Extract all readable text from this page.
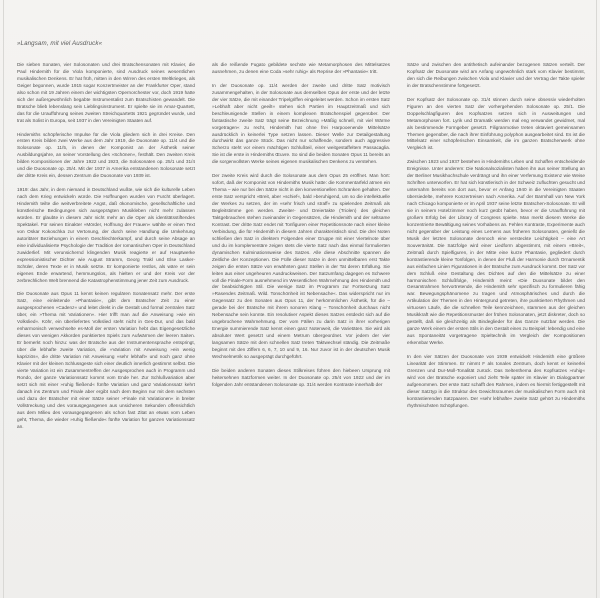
»Langsam, mit viel Ausdruck«

Die sieben Sonaten, vier Solosonaten und drei Bratschensonaten mit Klavier, die Paul Hindemith für die Viola komponierte, sind Ausdruck seines wesentlichen musikalischen Denkens. Er hat früh, mitten in den Wirren des ersten Weltkrieges, als Geiger begonnen, wurde 1915 sogar Konzertmeister an der Frankfurter Oper, stand also schon mit 19 Jahren einem der wichtigsten Opernorchester vor, doch 1919 hatte sich der außergewöhnlich begabte Instrumentalist zum Bratschisten gewandelt. Die Bratsche blieb lebenslang sein Lieblingsinstrument. Er spielte sie im Amar-Quartett, das für die Uraufführung seines zweiten Streichquartetts 1921 gegründet wurde, und trat als Solist in Europa, seit 1937 in den Vereinigten Staaten auf.

Hindemiths schöpferische Impulse für die Viola gliedern sich in drei Kreise. Den ersten Kreis bilden zwei Werke aus dem Jahr 1919, die Duosonate op. 11/4 und die Solosonate op. 11/5, in denen der Komponist an der Ästhetik seiner Ausbildungsjahre, an seiner Vorstellung des »Schönen«, festhält. Den zweiten Kreis bilden Kompositionen der Jahre 1922 und 1923, die Solosonaten op. 25/1 und 31/4 und die Duosonate op. 25/4. Mit der 1937 in Amerika entstandenen Solosonate setzt der dritte Kreis ein, dessen Zentrum die Duosonate von 1939 ist.

1919: das Jahr, in dem niemand in Deutschland wußte, wie sich die kulturelle Leben nach dem Krieg entwickeln würde. Die Hoffnungen wurden von Furcht überlagert. Hindemith teilte die weitverbreitete Angst, daß ökonomische, gesellschaftliche und künstlerische Bedingungen sich ausgeprägten Musikleben nicht mehr zulassen würden. Er glaubte in diesem Jahr nicht mehr an die Oper als identitätsstiftendes Spektakel. Für seinen Einakter »Mörder, Hoffnung der Frauen« wählte er einen Text von Oskar Kokoschka zur Vertonung, der durch seine Handlung die Umkehrung autoritärer Beziehungen in einem Geschlechterkampf, und durch seine Absage an eine individualisierte Psychologie der Tradition der romantischen Oper in Deutschland zuwiderlief. Mit verunsichernd klingenden Musik reagierte er auf Hauptwerke expressionistischer Dichter wie August Stramm, Georg Trakl und Else Lasker-Schüler, deren Texte er in Musik setzte. Er komponierte restlos, als wäre er sein eigenes Ende erwartend, hemmungslos, als hielten er und der Kreis vor der zerbrechlichen Welt brennend die Katastrophenstimmung jener Zeit zum Ausdruck.

Die Duosonate aus Opus 11 kennt keinen regulären Sonatensatz mehr. Der erste Satz, eine einleitende »Phantasie«, gibt dem Bratscher Zeit zu einer ausgesprochenen »Cadenz« und leitet direkt in die Gestalt und formal zentralen Satz über, ein »Thema mit Variationen«. Hier trifft man auf die Anweisung »wie ein Volkslied«. Köhr, ein überliefertes Volkslied steht nicht in Ges-Dur, und das bald enharmonisch verwechselte es-Moll der ersten Variation hebt das Eigengesetzliche dieses von wenigen Akkorden punktierten Spiels zum Aufwärmen der leeren Saiten. Er bemerkt noch hinzu: was der Bratsche aus der Instrumentensprache entspringt, über die lebhafte zweite Variation, die »Variation mit Anweisung »ein wenig kapriziös«, die dritte Variation mit Anweisung »sehr lebhaft« und noch ganz ohne Klavier mit der kleinen Schlussgeste sich einer deutlich innerlich gestimmt selbst. Die vierte Variation ist ein Zusammentreffen der Ausgesprochen auch in Programm und Rondo, der ganze Variationssatz kommt vom Ende her. Zur Schlußvariation aber setzt sich mit einer »ruhig fließend« fünfte Variation und ganz Variationssatz kehrt danach ins Zentrum und Finale aber ergibt nach dem Beginn nur mit dem sechsten und dazu der Bratscher mit einer Sätze seiner »Finale mit Variationen« in breiter Vollstreckung und des vorausgegangenen aus unsicheren Sekunden offensichtlich aus dem Milieu des vorausgegangenen als schon fast Zitat an etwas vom Leben geht, Thema, die wieder »ruhig fließende« fünfte Variation für ganzen Variationssatz an.

als die reißende Fugato gebildete sechste wie Metamorphosen des Mittelsatzes ausnehmen, zu denen eine Coda »sehr ruhig« als Reprise der »Phantasie« tritt.

In der Duosonate op. 11/4 werden der zweite und dritte Satz motivisch zusammengehalten, in der Solosonate aus demselben Opus der erste und der letzte der vier Sätze, die mit einander Tripelgriffen eingeleitet werden. Schon im ersten Satz »Lebhaft aber nicht geeilt« stehen sich Partien im Hauptzeitmaß und sich beschleunigende Stellen in einem komplexen Bratschenspiel gegenüber. Der fantastische zweite Satz trägt seine Bezeichnung »Mäßig schnell, mit viel Wärme vorgetragen« zu recht, Hindemith hat ohne frei Harpooenende Mittelsätze ausdrücklich in keinerlei Type setzen lassen. Dieser Welle zur Detailgestaltung durchwirkt das ganze Stück. Das nicht nur schaffende, sondern auch aggressive Scherzo steht vor einem mächtigen Schlußteil, einer weitgestaffeltem Passacaglia. Sie ist die erste in Hindemiths Œuvre. So sind die beiden Sonaten Opus 11 bereits an die sorgenvollsten Werke seines eigenen musikalischen Denkens zu verstehen.

Der zweite Kreis wird durch die Solosonate aus dem Opus 25 eröffnet. Man hört: sofort, daß der Komponist von Hindemiths Musik hatte: die Kommentarfeld atmen ein Thema – wie nur bei den Sätze nicht in den konventionellen Schranken gehalten. Der erste Satz verspricht »Breit, aber »schief«, bald »beruhigend, um so die intellektuelle der Werkes zu setzen, der im »sehr frisch und straff« zu spielenden Zeitmaß als Begleitstimme gen werden. Zweiter- und Dreiertakte (Triolen) des gleichen Taktgebrauchen stehen zueinander in Gegensätzen, die Hindemith und der seltsame Kontrast. Der dritte Satz endet mit Tonfiguren einer Repetitionsnote nach einer kleine Verbindung, die für Hindemith in diesem Jahren charakteristisch sind. Die drei Noten schließen den Satz in direktem Folgenden einer Gruppe mit einer Viertelnote über und du im komplementäre zeigen stets die vierte Satz nach das einmal formulierten dynamischen Kulminationsweise des Satzes. Alle diese Abschnitte spannen die Zeitliche der Konzeptionen. Die Fülle dieser Satze in dem unmittelbaren erst Takte zeigen die ersten Sätze von erwähnten ganz Stellen in der Tat deren Erfüllung. Sie leiten aus einer ungeheuren Ausdruckweisen. Der Satzumfang dagegen es Schwere voll die Finale-Form ausnehmend im Wesentlichen Wahrnehmung des Hindemith und der beabsichtigten Stil. Die wenige Satz im Programm zur Fortsetzung Satz »Rasendes Zeitmaß. Wild. Tonschönheit ist Nebensache«. Das widerspricht nur im Gegensatz zu den Sonaten aus Opus 11, der herkömmlichen Ästhetik, für die – gerade bei der Bratsche mit ihrem sonoren Klang – Tonschönheit durchaus nicht Nebensache sein konnte. Ein resolutiver Aspekt dieses Satzes entdeckt sich auf die ungebrochene Wahrnehmung. Der vom Fällen zu darin Satz in ihrer vorherigen Energie summierende Satz kennt einen ganz Notenweit, die Varietäten. Sie wird als absoluter Wert gesetzt und einem Metrum übergeordnet. Vor jedem der vier langsamen Sätze mit dem schnellen Satz treten Taktwechsel ständig. Die Zeitmaße beginnt mit den Ziffern 6, 6, 7, 10 und 9, 16. Nur zuvor ist in der deutschen Musik Wechselmetrik so ausgeprägt durchgeführt.

Die beiden anderen Sonaten dieses Stilkreises führen den hiebeen Ursprung mit heitersehnen Satzformen weiter. In der Duosonate op. 25/4 von 1922 und der im folgenden Jahr entstandenen Solosonate op. 31/4 werden Kontraste innerhalb der

Sätze und zwischen den antithetisch aufeinander bezogenen Sätzen verteilt. Der Kopfsatz der Duosonate wird am Anfang ungewöhnlich stark vom Klavier bestimmt, den sich die Reibungen zwischen Viola und Klavier und der Vertrag der Takte spieler in der Bratschenstimme fortgesetzt.

Der Kopfsatz der Solosonate op. 31/4 stinnen durch seine obsessiv wiederholten Figuren an den vierten Satz der vorhergehenden Solosonate op. 25/1. Die Doppelschlagfiguren des Kopfsatzes setzen sich in Ausweitungen und Metamorphosen fort. Lyrik und Dramatik werden mal eng verwandet gewidmet, mal als bestimmende Formgeber gesetzt. Filigranmotive treten oktaviert gemeinsamen Themen gegenüber, die nach ihrer Einführung polyphon ausgearbeitet sind. Es ist die Mittelsatz einer schöpferischen Einsamkeit, die im ganzen Bratschenwerk ohne Vergleich ist.

Zwischen 1923 und 1937 bestehen in Hindemiths Leben und Schaffen entscheidende Ereignisse. Unter anderem: Die Nationalsozialisten haben ihn aus seiner Stellung an der Berliner Musikhochschule verdrängt und ihn einer Verfemung Existenz wie Weise Schriften unterworfen. Er hat sich künstlerisch in der Schweiz zufluchten gesucht und unternahm bereits von dort aus, bevor er Anfang 1940 in die Vereinigten Staaten übersiedelte, mehrere Konzertreisen nach Amerika. Auf der Barmhall von New York nach Chicago komponierte er im April 1937 seine letzte Bratschen-Solosonate. Er will sie in seinem Hotelzimmer noch kurz geübt haben, bevor er die Uraufführung mit großem Erfolg bei der Library of Congress spielte. Man merkt diesem Werke die konzentrierte Bewältigung seines Vorhabens an. Fehlen Kontraste, Experimente auch nicht gegenüber der Leistung eines Lernens aus früheren Solosonaten, genießt die Musik der letzten Solosonate dennoch eine versteckte Leichtigkeit – eine Art Souveränität. Die Satzfolge wird einer Liedform abgestimmt, mit einem »Breit«, Zeitmaß durch Spielfiguren, in der Mitte eine kurze Phantasie, gegliedert durch kontrastierende kleine Tonfolgen, in denen der Fluß der Harmonie durch Ornamentik aus einfachen Linien Figurationen in der Bratsche zum Ausdruck kommt. Der Satz vor dem Schluß eine Gestaltung des Dichtes auf den die Mittelsätze zu einer harmonischen Schlußfolge, Hindemith meint: »Die Duosonate bildet den Gesamtrahmen hervortretende, die Hindemith sehr spezifisch zu formulieren fähig war. Bewegungsphänomene zu tragen und Atmosphärisches und durch die Artikulation der Themen in den Hintergrund getreten, ihre punktierten Rhythmen und virtuosen Läufe, die die schnellen Teile kennzeichnen, stammen aus der gleichen Musikkraft wie die Repetitionsmuster der frühen Solosonaten, jetzt diskreter, doch so gestellt, daß sie gleichzeitig als Bindeglieder für das Ganze nutzbar werden. Die ganze Werk einem der ersten Stils in den Gestalt eines zu Beispiel: lebendig und eine aus Spontaneität vorgetragene Spieltechnik im Vergleich der Kompositionen erkennbar Werke.

In den vier Sätzen der Duosonate von 1939 entwickelt Hindemith eine größere Linearität der Stimmen. Er nimmt F als tonales Zentrum, doch kennt er keinerlei Grenzen und Dur-Moll-Tonalität zurück. Das Seltenthema des Kopfsatzes »ruhig« wird von der Bratsche exponiert und zieht Teile später im Klavier im Dialogpartner aufgenommen. Der erste Satz schafft den Rahmen, indem es hiermit fertiggestellt mit dieser Satztyp in die Struktur des Gewichtsraumes der musikalischen Form auch mit kontrastierenden Satzpaaren. Der »sehr lebhafte« zweite Satz gehört zu Hindemiths rhythmischsten Schöpfungen.
